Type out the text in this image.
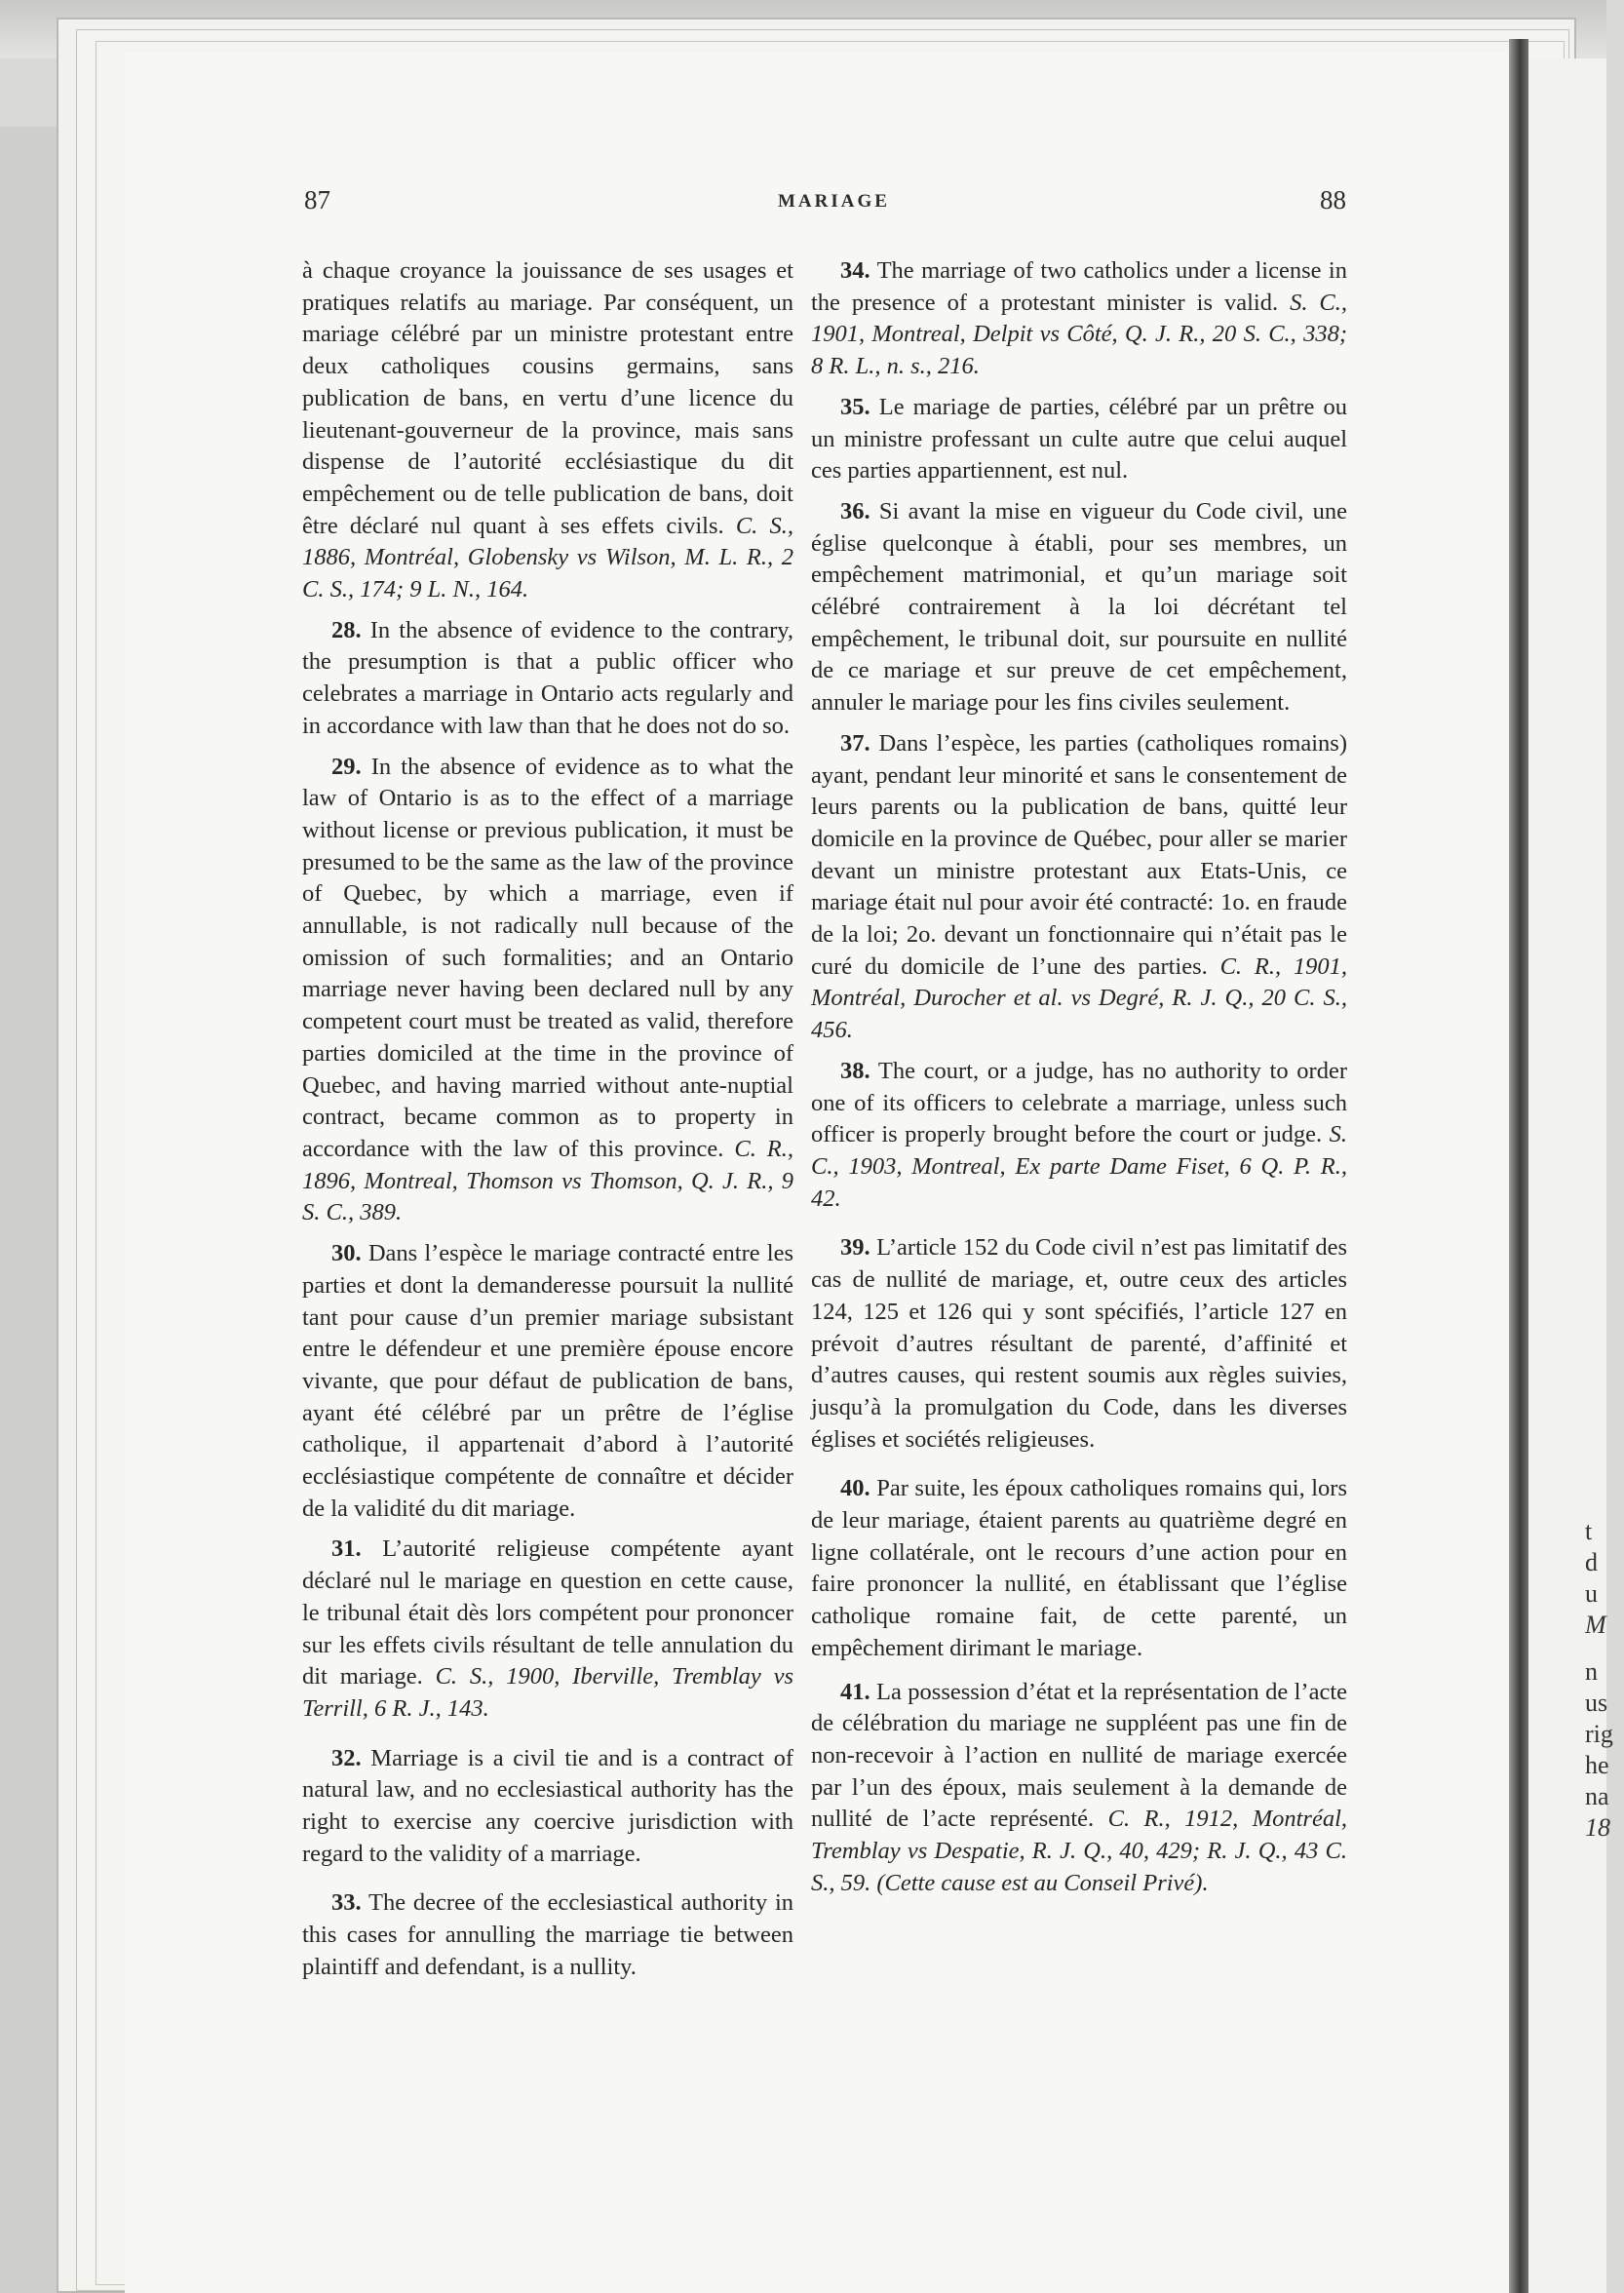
t
d
u
M
n
us
rig
he
na
18
87	MARIAGE	88

à chaque croyance la jouissance de ses usages et pratiques relatifs au mariage. Par conséquent, un mariage célébré par un ministre protestant entre deux catholiques cousins germains, sans publication de bans, en vertu d’une licence du lieutenant-gouverneur de la province, mais sans dispense de l’autorité ecclésiastique du dit empêchement ou de telle publication de bans, doit être déclaré nul quant à ses effets civils. C. S., 1886, Montréal, Globensky vs Wilson, M. L. R., 2 C. S., 174; 9 L. N., 164.

28. In the absence of evidence to the contrary, the presumption is that a public officer who celebrates a marriage in Ontario acts regularly and in accordance with law than that he does not do so.

29. In the absence of evidence as to what the law of Ontario is as to the effect of a marriage without license or previous publication, it must be presumed to be the same as the law of the province of Quebec, by which a marriage, even if annullable, is not radically null because of the omission of such formalities; and an Ontario marriage never having been declared null by any competent court must be treated as valid, therefore parties domiciled at the time in the province of Quebec, and having married without ante-nuptial contract, became common as to property in accordance with the law of this province. C. R., 1896, Montreal, Thomson vs Thomson, Q. J. R., 9 S. C., 389.

30. Dans l’espèce le mariage contracté entre les parties et dont la demanderesse poursuit la nullité tant pour cause d’un premier mariage subsistant entre le défendeur et une première épouse encore vivante, que pour défaut de publication de bans, ayant été célébré par un prêtre de l’église catholique, il appartenait d’abord à l’autorité ecclésiastique compétente de connaître et décider de la validité du dit mariage.

31. L’autorité religieuse compétente ayant déclaré nul le mariage en question en cette cause, le tribunal était dès lors compétent pour prononcer sur les effets civils résultant de telle annulation du dit mariage. C. S., 1900, Iberville, Tremblay vs Terrill, 6 R. J., 143.

32. Marriage is a civil tie and is a contract of natural law, and no ecclesiastical authority has the right to exercise any coercive jurisdiction with regard to the validity of a marriage.

33. The decree of the ecclesiastical authority in this cases for annulling the marriage tie between plaintiff and defendant, is a nullity.

34. The marriage of two catholics under a license in the presence of a protestant minister is valid. S. C., 1901, Montreal, Delpit vs Côté, Q. J. R., 20 S. C., 338; 8 R. L., n. s., 216.

35. Le mariage de parties, célébré par un prêtre ou un ministre professant un culte autre que celui auquel ces parties appartiennent, est nul.

36. Si avant la mise en vigueur du Code civil, une église quelconque à établi, pour ses membres, un empêchement matrimonial, et qu’un mariage soit célébré contrairement à la loi décrétant tel empêchement, le tribunal doit, sur poursuite en nullité de ce mariage et sur preuve de cet empêchement, annuler le mariage pour les fins civiles seulement.

37. Dans l’espèce, les parties (catholiques romains) ayant, pendant leur minorité et sans le consentement de leurs parents ou la publication de bans, quitté leur domicile en la province de Québec, pour aller se marier devant un ministre protestant aux Etats-Unis, ce mariage était nul pour avoir été contracté: 1o. en fraude de la loi; 2o. devant un fonctionnaire qui n’était pas le curé du domicile de l’une des parties. C. R., 1901, Montréal, Durocher et al. vs Degré, R. J. Q., 20 C. S., 456.

38. The court, or a judge, has no authority to order one of its officers to celebrate a marriage, unless such officer is properly brought before the court or judge. S. C., 1903, Montreal, Ex parte Dame Fiset, 6 Q. P. R., 42.

39. L’article 152 du Code civil n’est pas limitatif des cas de nullité de mariage, et, outre ceux des articles 124, 125 et 126 qui y sont spécifiés, l’article 127 en prévoit d’autres résultant de parenté, d’affinité et d’autres causes, qui restent soumis aux règles suivies, jusqu’à la promulgation du Code, dans les diverses églises et sociétés religieuses.

40. Par suite, les époux catholiques romains qui, lors de leur mariage, étaient parents au quatrième degré en ligne collatérale, ont le recours d’une action pour en faire prononcer la nullité, en établissant que l’église catholique romaine fait, de cette parenté, un empêchement dirimant le mariage.

41. La possession d’état et la représentation de l’acte de célébration du mariage ne suppléent pas une fin de non-recevoir à l’action en nullité de mariage exercée par l’un des époux, mais seulement à la demande de nullité de l’acte représenté. C. R., 1912, Montréal, Tremblay vs Despatie, R. J. Q., 40, 429; R. J. Q., 43 C. S., 59. (Cette cause est au Conseil Privé).
